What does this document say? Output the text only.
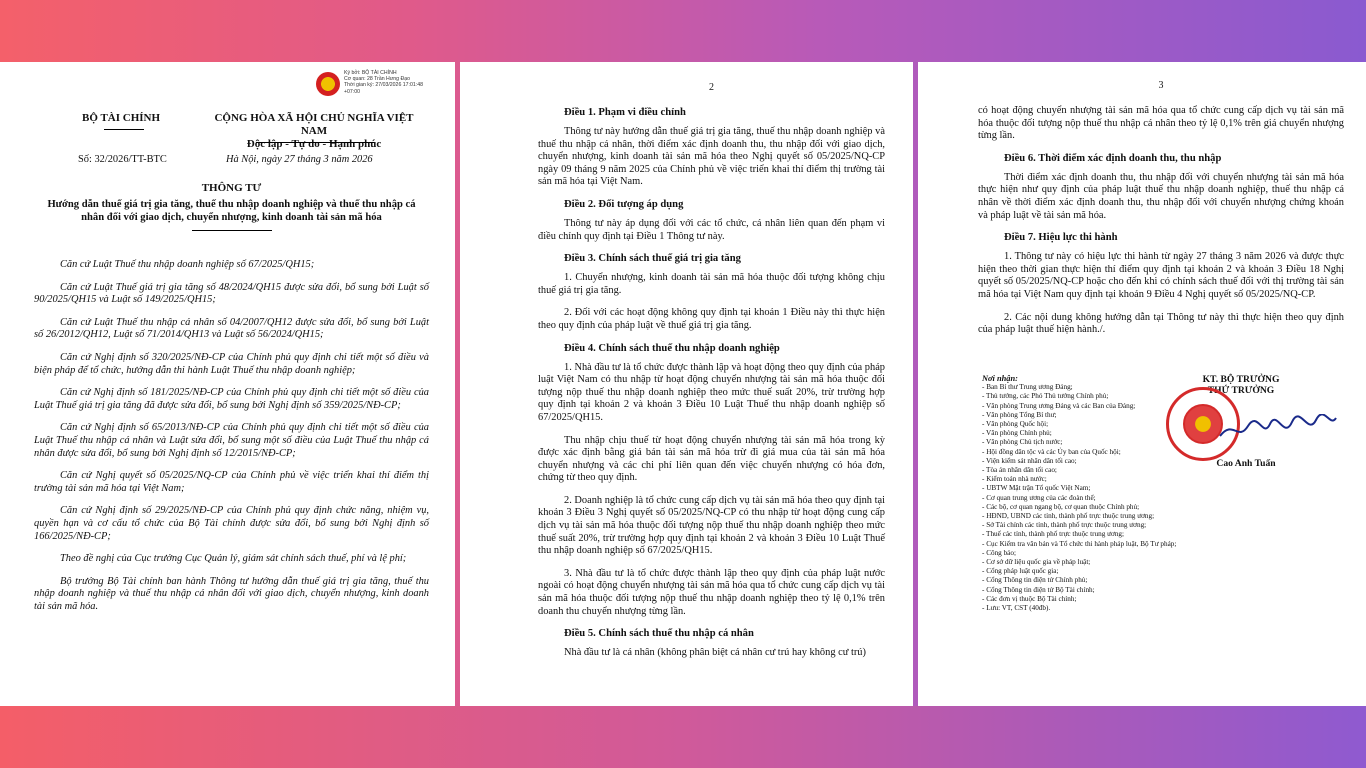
Ký bởi: BỘ TÀI CHÍNH
Cơ quan: 28 Trần Hưng Đạo
Thời gian ký: 27/03/2026 17:01:48 +07:00
BỘ TÀI CHÍNH	CỘNG HÒA XÃ HỘI CHỦ NGHĨA VIỆT NAM
Độc lập - Tự do - Hạnh phúc
Số: 32/2026/TT-BTC	Hà Nội, ngày 27 tháng 3 năm 2026
THÔNG TƯ
Hướng dẫn thuế giá trị gia tăng, thuế thu nhập doanh nghiệp và thuế thu nhập cá nhân đối với giao dịch, chuyển nhượng, kinh doanh tài sản mã hóa

Căn cứ Luật Thuế thu nhập doanh nghiệp số 67/2025/QH15;

Căn cứ Luật Thuế giá trị gia tăng số 48/2024/QH15 được sửa đổi, bổ sung bởi Luật số 90/2025/QH15 và Luật số 149/2025/QH15;

Căn cứ Luật Thuế thu nhập cá nhân số 04/2007/QH12 được sửa đổi, bổ sung bởi Luật số 26/2012/QH12, Luật số 71/2014/QH13 và Luật số 56/2024/QH15;

Căn cứ Nghị định số 320/2025/NĐ-CP của Chính phủ quy định chi tiết một số điều và biện pháp để tổ chức, hướng dẫn thi hành Luật Thuế thu nhập doanh nghiệp;

Căn cứ Nghị định số 181/2025/NĐ-CP của Chính phủ quy định chi tiết một số điều của Luật Thuế giá trị gia tăng đã được sửa đổi, bổ sung bởi Nghị định số 359/2025/NĐ-CP;

Căn cứ Nghị định số 65/2013/NĐ-CP của Chính phủ quy định chi tiết một số điều của Luật Thuế thu nhập cá nhân và Luật sửa đổi, bổ sung một số điều của Luật Thuế thu nhập cá nhân được sửa đổi, bổ sung bởi Nghị định số 12/2015/NĐ-CP;

Căn cứ Nghị quyết số 05/2025/NQ-CP của Chính phủ về việc triển khai thí điểm thị trường tài sản mã hóa tại Việt Nam;

Căn cứ Nghị định số 29/2025/NĐ-CP của Chính phủ quy định chức năng, nhiệm vụ, quyền hạn và cơ cấu tổ chức của Bộ Tài chính được sửa đổi, bổ sung bởi Nghị định số 166/2025/NĐ-CP;

Theo đề nghị của Cục trưởng Cục Quản lý, giám sát chính sách thuế, phí và lệ phí;

Bộ trưởng Bộ Tài chính ban hành Thông tư hướng dẫn thuế giá trị gia tăng, thuế thu nhập doanh nghiệp và thuế thu nhập cá nhân đối với giao dịch, chuyển nhượng, kinh doanh tài sản mã hóa.

2
Điều 1. Phạm vi điều chỉnh

Thông tư này hướng dẫn thuế giá trị gia tăng, thuế thu nhập doanh nghiệp và thuế thu nhập cá nhân, thời điểm xác định doanh thu, thu nhập đối với giao dịch, chuyển nhượng, kinh doanh tài sản mã hóa theo Nghị quyết số 05/2025/NQ-CP ngày 09 tháng 9 năm 2025 của Chính phủ về việc triển khai thí điểm thị trường tài sản mã hóa tại Việt Nam.

Điều 2. Đối tượng áp dụng

Thông tư này áp dụng đối với các tổ chức, cá nhân liên quan đến phạm vi điều chỉnh quy định tại Điều 1 Thông tư này.

Điều 3. Chính sách thuế giá trị gia tăng

1. Chuyển nhượng, kinh doanh tài sản mã hóa thuộc đối tượng không chịu thuế giá trị gia tăng.

2. Đối với các hoạt động không quy định tại khoản 1 Điều này thì thực hiện theo quy định của pháp luật về thuế giá trị gia tăng.

Điều 4. Chính sách thuế thu nhập doanh nghiệp

1. Nhà đầu tư là tổ chức được thành lập và hoạt động theo quy định của pháp luật Việt Nam có thu nhập từ hoạt động chuyển nhượng tài sản mã hóa thuộc đối tượng nộp thuế thu nhập doanh nghiệp theo mức thuế suất 20%, trừ trường hợp quy định tại khoản 2 và khoản 3 Điều 10 Luật Thuế thu nhập doanh nghiệp số 67/2025/QH15.

Thu nhập chịu thuế từ hoạt động chuyển nhượng tài sản mã hóa trong kỳ được xác định bằng giá bán tài sản mã hóa trừ đi giá mua của tài sản mã hóa chuyển nhượng và các chi phí liên quan đến việc chuyển nhượng có hóa đơn, chứng từ theo quy định.

2. Doanh nghiệp là tổ chức cung cấp dịch vụ tài sản mã hóa theo quy định tại khoản 3 Điều 3 Nghị quyết số 05/2025/NQ-CP có thu nhập từ hoạt động cung cấp dịch vụ tài sản mã hóa thuộc đối tượng nộp thuế thu nhập doanh nghiệp theo mức thuế suất 20%, trừ trường hợp quy định tại khoản 2 và khoản 3 Điều 10 Luật Thuế thu nhập doanh nghiệp số 67/2025/QH15.

3. Nhà đầu tư là tổ chức được thành lập theo quy định của pháp luật nước ngoài có hoạt động chuyển nhượng tài sản mã hóa qua tổ chức cung cấp dịch vụ tài sản mã hóa thuộc đối tượng nộp thuế thu nhập doanh nghiệp theo tỷ lệ 0,1% trên doanh thu chuyển nhượng từng lần.

Điều 5. Chính sách thuế thu nhập cá nhân

Nhà đầu tư là cá nhân (không phân biệt cá nhân cư trú hay không cư trú)

3

có hoạt động chuyển nhượng tài sản mã hóa qua tổ chức cung cấp dịch vụ tài sản mã hóa thuộc đối tượng nộp thuế thu nhập cá nhân theo tỷ lệ 0,1% trên giá chuyển nhượng từng lần.

Điều 6. Thời điểm xác định doanh thu, thu nhập

Thời điểm xác định doanh thu, thu nhập đối với chuyển nhượng tài sản mã hóa thực hiện như quy định của pháp luật thuế thu nhập doanh nghiệp, thuế thu nhập cá nhân về thời điểm xác định doanh thu, thu nhập đối với chuyển nhượng chứng khoán và pháp luật về tài sản mã hóa.

Điều 7. Hiệu lực thi hành

1. Thông tư này có hiệu lực thi hành từ ngày 27 tháng 3 năm 2026 và được thực hiện theo thời gian thực hiện thí điểm quy định tại khoản 2 và khoản 3 Điều 18 Nghị quyết số 05/2025/NQ-CP hoặc cho đến khi có chính sách thuế đối với thị trường tài sản mã hóa tại Việt Nam quy định tại khoản 9 Điều 4 Nghị quyết số 05/2025/NQ-CP.

2. Các nội dung không hướng dẫn tại Thông tư này thì thực hiện theo quy định của pháp luật thuế hiện hành./.

Nơi nhận:
- Ban Bí thư Trung ương Đảng;
- Thủ tướng, các Phó Thủ tướng Chính phủ;
- Văn phòng Trung ương Đảng và các Ban của Đảng;
- Văn phòng Tổng Bí thư;
- Văn phòng Quốc hội;
- Văn phòng Chính phủ;
- Văn phòng Chủ tịch nước;
- Hội đồng dân tộc và các Ủy ban của Quốc hội;
- Viện kiểm sát nhân dân tối cao;
- Tòa án nhân dân tối cao;
- Kiểm toán nhà nước;
- UBTW Mặt trận Tổ quốc Việt Nam;
- Cơ quan trung ương của các đoàn thể;
- Các bộ, cơ quan ngang bộ, cơ quan thuộc Chính phủ;
- HĐND, UBND các tỉnh, thành phố trực thuộc trung ương;
- Sở Tài chính các tỉnh, thành phố trực thuộc trung ương;
- Thuế các tỉnh, thành phố trực thuộc trung ương;
- Cục Kiểm tra văn bản và Tổ chức thi hành pháp luật, Bộ Tư pháp;
- Công báo;
- Cơ sở dữ liệu quốc gia về pháp luật;
- Cổng pháp luật quốc gia;
- Cổng Thông tin điện tử Chính phủ;
- Cổng Thông tin điện tử Bộ Tài chính;
- Các đơn vị thuộc Bộ Tài chính;
- Lưu: VT, CST (40đb).
KT. BỘ TRƯỞNG
THỨ TRƯỞNG
Cao Anh Tuấn
